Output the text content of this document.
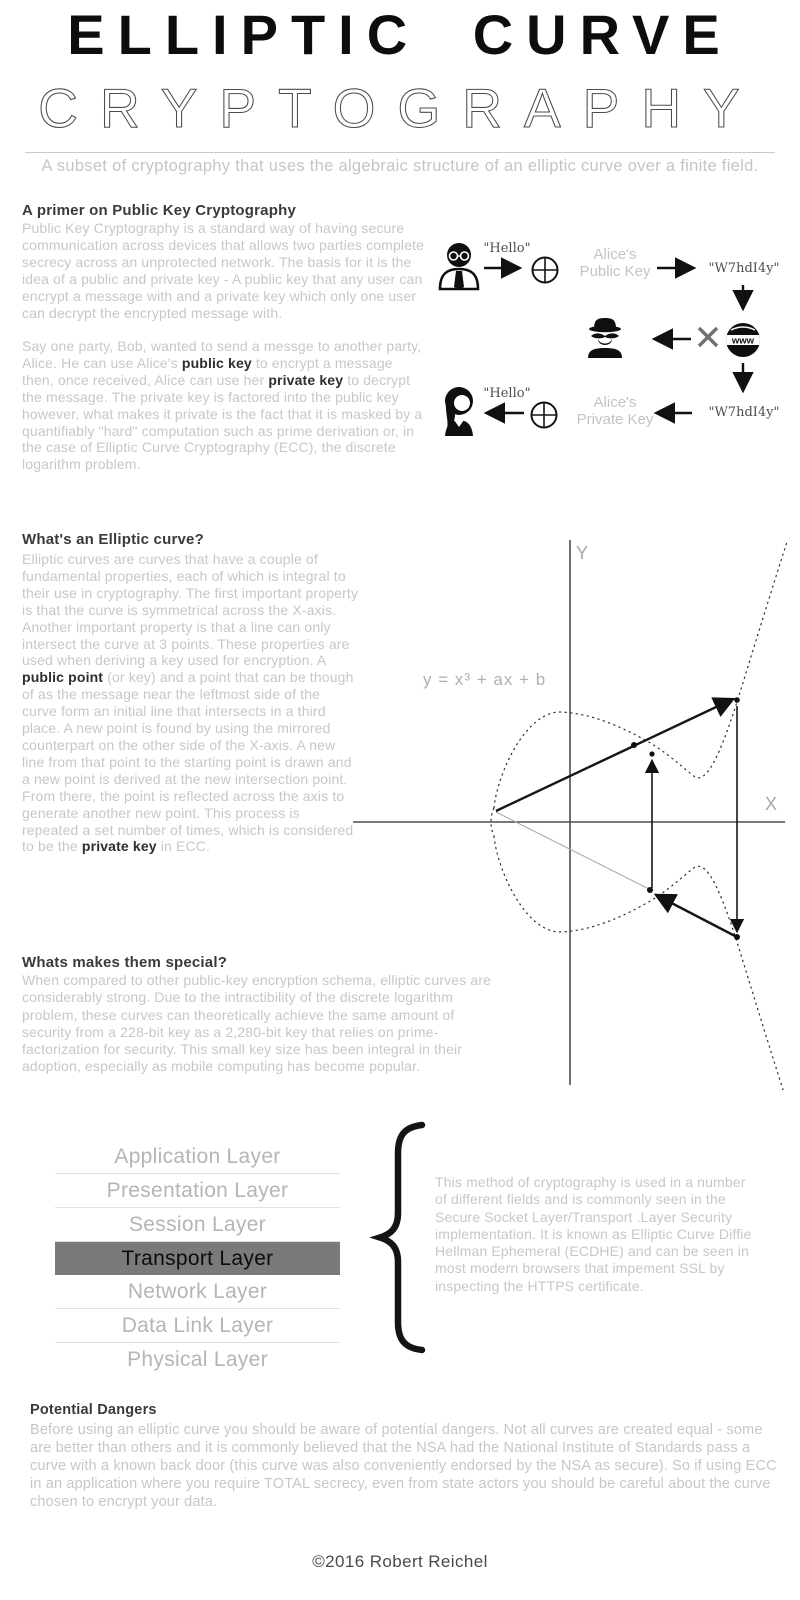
ELLIPTIC CURVE
CRYPTOGRAPHY
A subset of cryptography that uses the algebraic structure of an elliptic curve over a finite field.
A primer on Public Key Cryptography
Public Key Cryptography is a standard way of having secure communication across devices that allows two parties complete secrecy across an unprotected network. The basis for it is the idea of a public and private key - A public key that any user can encrypt a message with and a private key which only one user can decrypt the encrypted message with.
Say one party, Bob, wanted to send a messge to another party, Alice. He can use Alice's public key to encrypt a message then, once received, Alice can use her private key to decrypt the message. The private key is factored into the public key however, what makes it private is the fact that it is masked by a quantifiably "hard" computation such as prime derivation or, in the case of Elliptic Curve Cryptography (ECC), the discrete logarithm problem.
www
"Hello"	Alice's
Public Key	"W7hdI4y"
"W7hdI4y"
Alice's
Private Key
"Hello"
What's an Elliptic curve?
Elliptic curves are curves that have a couple of fundamental properties, each of which is integral to their use in cryptography. The first important property is that the curve is symmetrical across the X-axis. Another important property is that a line can only intersect the curve at 3 points. These properties are used when deriving a key used for encryption. A public point (or key) and a point that can be though of as the message near the leftmost side of the curve form an initial line that intersects in a third place. A new point is found by using the mirrored counterpart on the other side of the X-axis. A new line from that point to the starting point is drawn and a new point is derived at the new intersection point. From there, the point is reflected across the axis to generate another new point. This process is repeated a set number of times, which is considered to be the private key in ECC.
Y
X
y = x³ + ax + b
Whats makes them special?
When compared to other public-key encryption schema, elliptic curves are considerably strong. Due to the intractibility of the discrete logarithm problem, these curves can theoretically achieve the same amount of security from a 228-bit key as a 2,280-bit key that relies on prime-factorization for security. This small key size has been integral in their adoption, especially as mobile computing has become popular.
Application Layer
Presentation Layer
Session Layer
Transport Layer
Network Layer
Data Link Layer
Physical Layer
This method of cryptography is used in a number of different fields and is commonly seen in the Secure Socket Layer/Transport .Layer Security implementation. It is known as Elliptic Curve Diffie Hellman Ephemeral (ECDHE) and can be seen in most modern browsers that impement SSL by inspecting the HTTPS certificate.
Potential Dangers
Before using an elliptic curve you should be aware of potential dangers. Not all curves are created equal - some are better than others and it is commonly believed that the NSA had the National Institute of Standards pass a curve with a known back door (this curve was also conveniently endorsed by the NSA as secure). So if using ECC in an application where you require TOTAL secrecy, even from state actors you should be careful about the curve chosen to encrypt your data.
©2016 Robert Reichel
